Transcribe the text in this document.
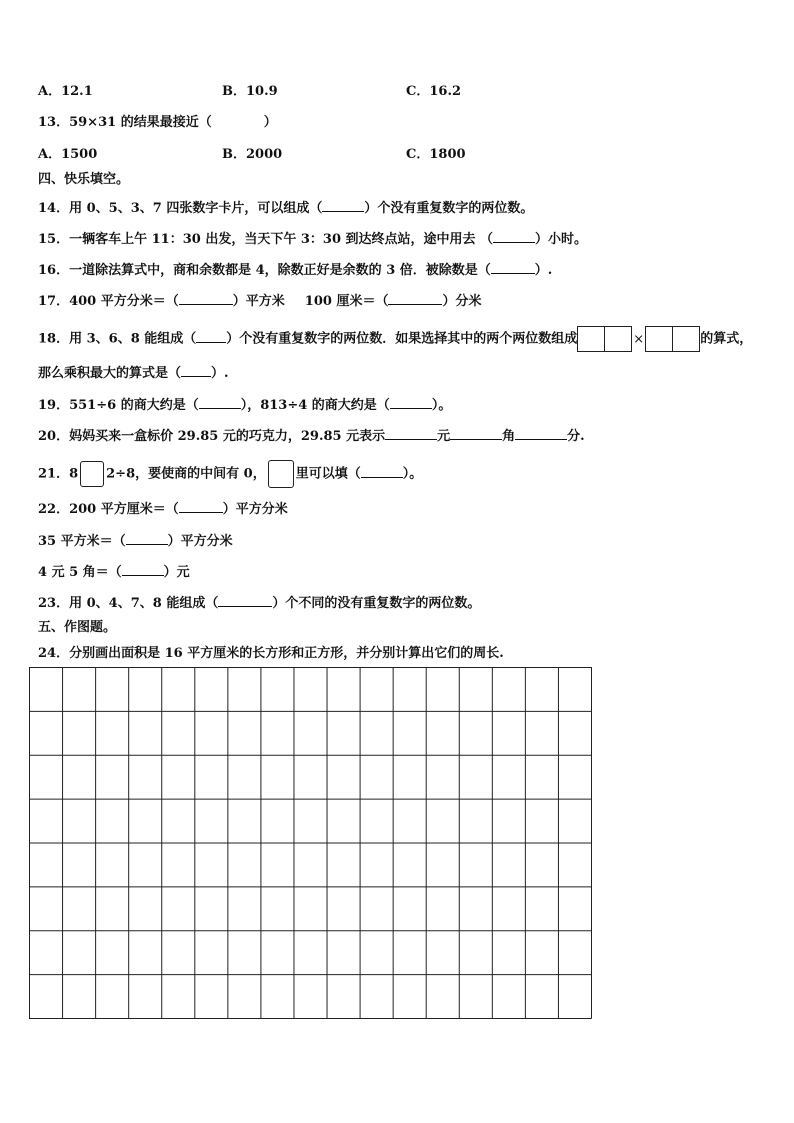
A．12.1	B．10.9	C．16.2
13．59×31 的结果最接近（	）
A．1500	B．2000	C．1800
四、快乐填空。
14．用 0、5、3、7 四张数字卡片，可以组成（	）个没有重复数字的两位数。
15．一辆客车上午 11：30 出发，当天下午 3：30 到达终点站，途中用去 （	）小时。
16．一道除法算式中，商和余数都是 4，除数正好是余数的 3 倍．被除数是（	）.
17．400 平方分米＝（	）平方米 100 厘米＝（	）分米
18．用 3、6、8 能组成（ ）个没有重复数字的两位数．如果选择其中的两个两位数组成	×	的算式，
那么乘积最大的算式是（ ）.
19．551÷6 的商大约是（	），813÷4 的商大约是（	）。
20．妈妈买来一盒标价 29.85 元的巧克力，29.85 元表示	元	角	分.
21．8 2÷8，要使商的中间有 0， 里可以填（	）。
22．200 平方厘米＝（	）平方分米
35 平方米＝（	）平方分米
4 元 5 角＝（	）元
23．用 0、4、7、8 能组成（	）个不同的没有重复数字的两位数。
五、作图题。
24．分别画出面积是 16 平方厘米的长方形和正方形，并分别计算出它们的周长.
